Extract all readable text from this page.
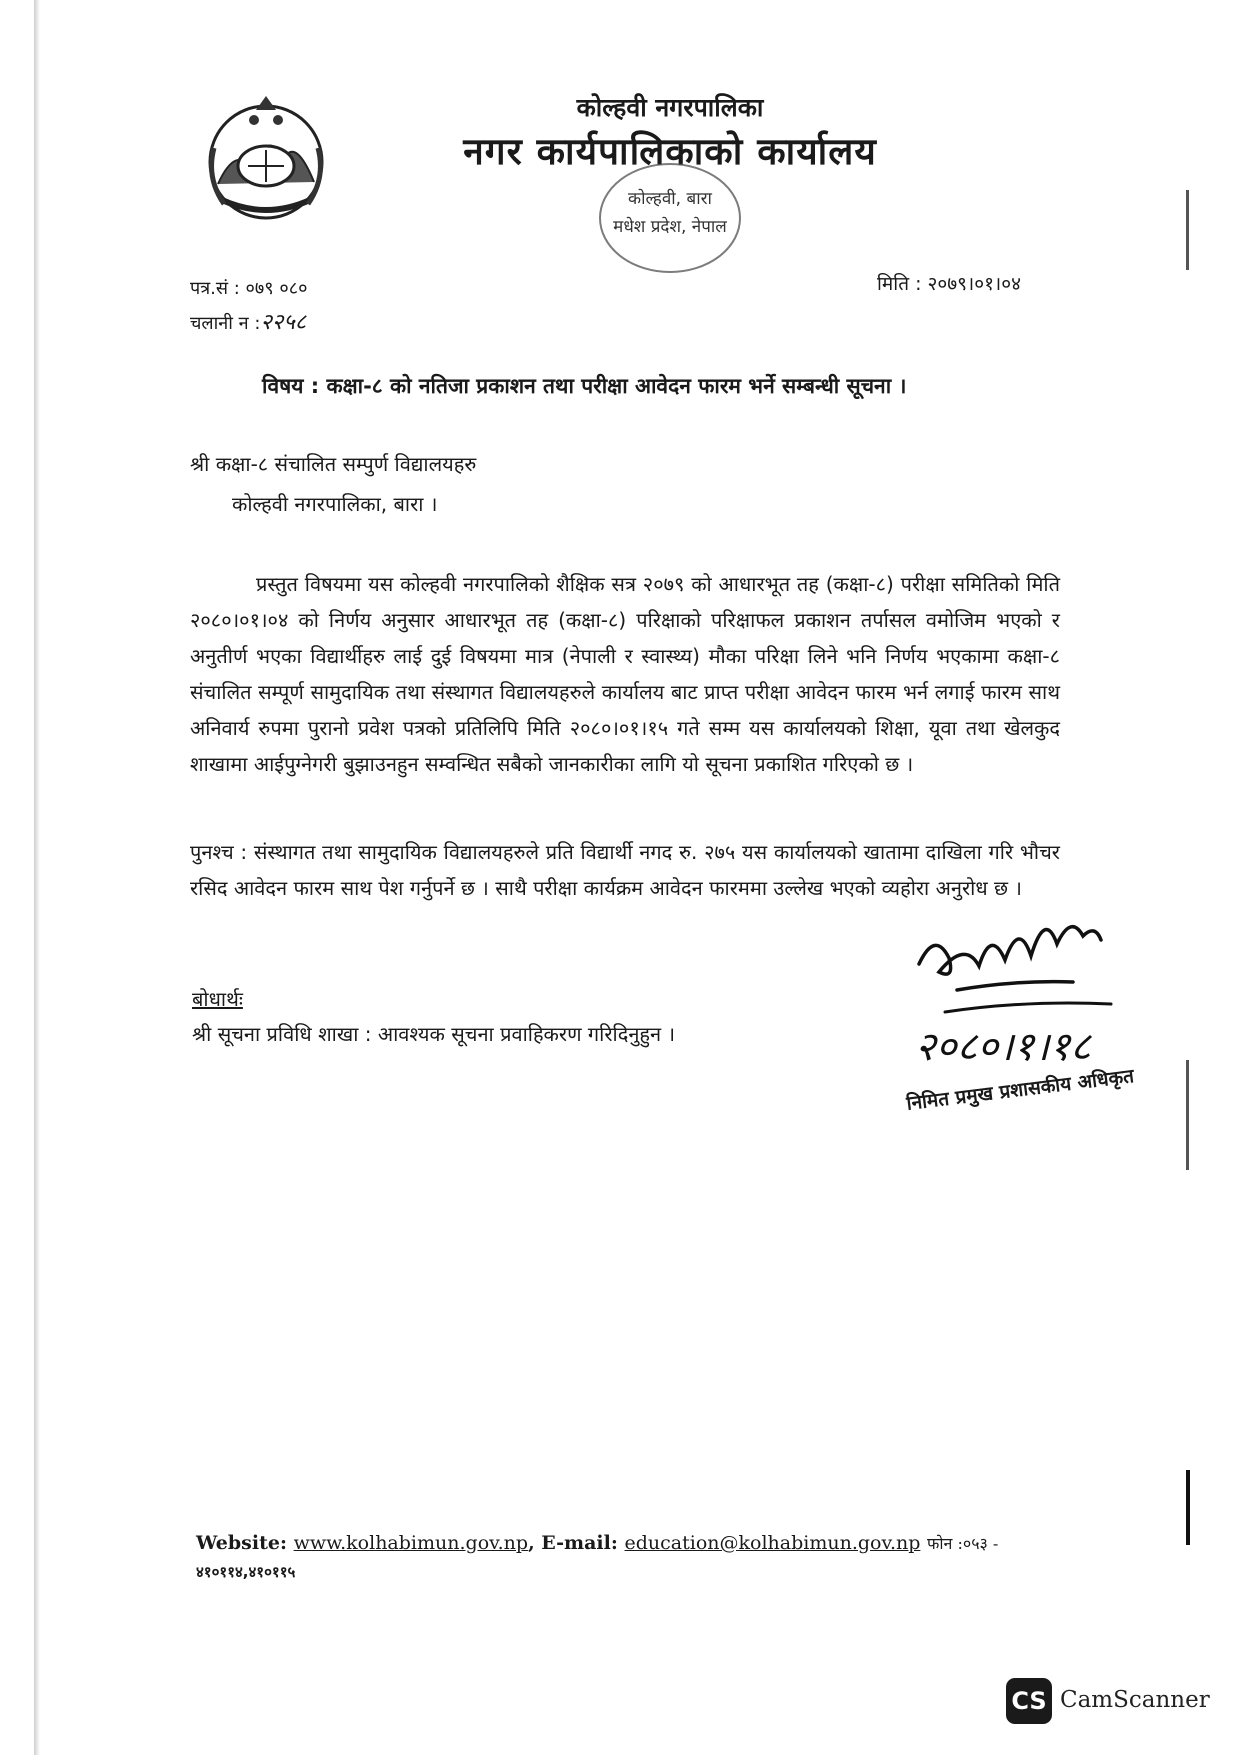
कोल्हवी नगरपालिका
नगर कार्यपालिकाको कार्यालय
कोल्हवी, बारा
मधेश प्रदेश, नेपाल
पत्र.सं : ०७९ ०८०
चलानी न :२२५८
मिति : २०७९।०१।०४
विषय : कक्षा-८ को नतिजा प्रकाशन तथा परीक्षा आवेदन फारम भर्ने सम्बन्धी सूचना ।
श्री कक्षा-८ संचालित सम्पुर्ण विद्यालयहरु
कोल्हवी नगरपालिका, बारा ।

प्रस्तुत विषयमा यस कोल्हवी नगरपालिको शैक्षिक सत्र २०७९ को आधारभूत तह (कक्षा-८) परीक्षा समितिको मिति २०८०।०१।०४ को निर्णय अनुसार आधारभूत तह (कक्षा-८) परिक्षाको परिक्षाफल प्रकाशन तर्पासल वमोजिम भएको र अनुतीर्ण भएका विद्यार्थीहरु लाई दुई विषयमा मात्र (नेपाली र स्वास्थ्य) मौका परिक्षा लिने भनि निर्णय भएकामा कक्षा-८ संचालित सम्पूर्ण सामुदायिक तथा संस्थागत विद्यालयहरुले कार्यालय बाट प्राप्त परीक्षा आवेदन फारम भर्न लगाई फारम साथ अनिवार्य रुपमा पुरानो प्रवेश पत्रको प्रतिलिपि मिति २०८०।०१।१५ गते सम्म यस कार्यालयको शिक्षा, यूवा तथा खेलकुद शाखामा आईपुग्नेगरी बुझाउनहुन सम्वन्धित सबैको जानकारीका लागि यो सूचना प्रकाशित गरिएको छ ।

पुनश्च : संस्थागत तथा सामुदायिक विद्यालयहरुले प्रति विद्यार्थी नगद रु. २७५ यस कार्यालयको खातामा दाखिला गरि भौचर रसिद आवेदन फारम साथ पेश गर्नुपर्ने छ । साथै परीक्षा कार्यक्रम आवेदन फारममा उल्लेख भएको व्यहोरा अनुरोध छ ।

बोधार्थः
श्री सूचना प्रविधि शाखा : आवश्यक सूचना प्रवाहिकरण गरिदिनुहुन ।	२०८०।१।१८
निमित प्रमुख प्रशासकीय अधिकृत
Website: www.kolhabimun.gov.np, E-mail: education@kolhabimun.gov.np फोन :०५३ -
४१०११४,४१०११५
CS CamScanner
